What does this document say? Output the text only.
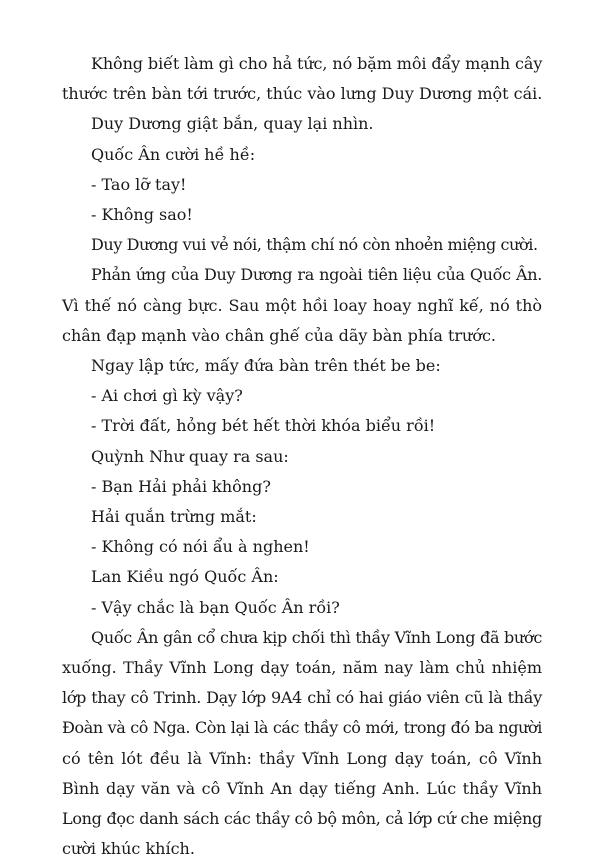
Không biết làm gì cho hả tức, nó bặm môi đẩy mạnh cây
thước trên bàn tới trước, thúc vào lưng Duy Dương một cái.
Duy Dương giật bắn, quay lại nhìn.
Quốc Ân cười hề hề:
- Tao lỡ tay!
- Không sao!
Duy Dương vui vẻ nói, thậm chí nó còn nhoẻn miệng cười.
Phản ứng của Duy Dương ra ngoài tiên liệu của Quốc Ân.
Vì thế nó càng bực. Sau một hồi loay hoay nghĩ kế, nó thò
chân đạp mạnh vào chân ghế của dãy bàn phía trước.
Ngay lập tức, mấy đứa bàn trên thét be be:
- Ai chơi gì kỳ vậy?
- Trời đất, hỏng bét hết thời khóa biểu rồi!
Quỳnh Như quay ra sau:
- Bạn Hải phải không?
Hải quắn trừng mắt:
- Không có nói ẩu à nghen!
Lan Kiều ngó Quốc Ân:
- Vậy chắc là bạn Quốc Ân rồi?
Quốc Ân gân cổ chưa kịp chối thì thầy Vĩnh Long đã bước
xuống. Thầy Vĩnh Long dạy toán, năm nay làm chủ nhiệm
lớp thay cô Trinh. Dạy lớp 9A4 chỉ có hai giáo viên cũ là thầy
Đoàn và cô Nga. Còn lại là các thầy cô mới, trong đó ba người
có tên lót đều là Vĩnh: thầy Vĩnh Long dạy toán, cô Vĩnh
Bình dạy văn và cô Vĩnh An dạy tiếng Anh. Lúc thầy Vĩnh
Long đọc danh sách các thầy cô bộ môn, cả lớp cứ che miệng
cười khúc khích.
